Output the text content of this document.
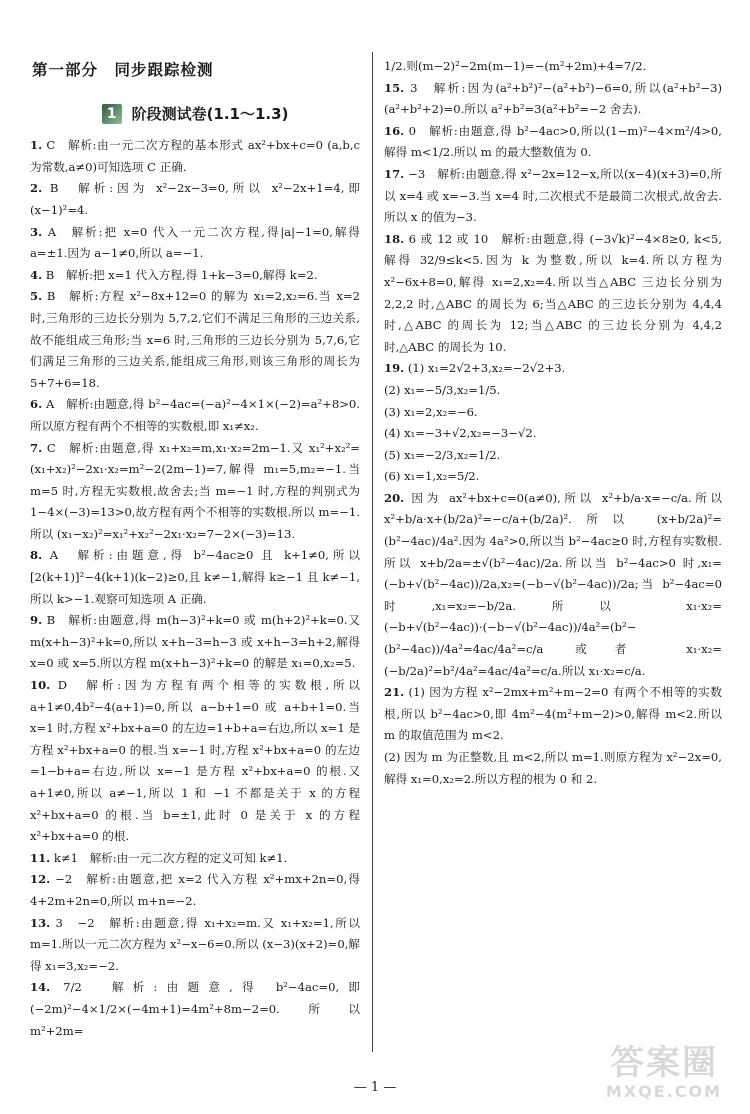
第一部分　同步跟踪检测
1	阶段测试卷(1.1～1.3)

1. C　解析:由一元二次方程的基本形式 ax²+bx+c=0 (a,b,c 为常数,a≠0)可知选项 C 正确.

2. B　解析:因为 x²−2x−3=0,所以 x²−2x+1=4,即 (x−1)²=4.

3. A　解析:把 x=0 代入一元二次方程,得|a|−1=0,解得 a=±1.因为 a−1≠0,所以 a=−1.

4. B　解析:把 x=1 代入方程,得 1+k−3=0,解得 k=2.

5. B　解析:方程 x²−8x+12=0 的解为 x₁=2,x₂=6.当 x=2 时,三角形的三边长分别为 5,7,2,它们不满足三角形的三边关系,故不能组成三角形;当 x=6 时,三角形的三边长分别为 5,7,6,它们满足三角形的三边关系,能组成三角形,则该三角形的周长为 5+7+6=18.

6. A　解析:由题意,得 b²−4ac=(−a)²−4×1×(−2)=a²+8>0.所以原方程有两个不相等的实数根,即 x₁≠x₂.

7. C　解析:由题意,得 x₁+x₂=m,x₁·x₂=2m−1.又 x₁²+x₂²=(x₁+x₂)²−2x₁·x₂=m²−2(2m−1)=7,解得 m₁=5,m₂=−1.当 m=5 时,方程无实数根,故舍去;当 m=−1 时,方程的判别式为 1−4×(−3)=13>0,故方程有两个不相等的实数根.所以 m=−1.所以 (x₁−x₂)²=x₁²+x₂²−2x₁·x₂=7−2×(−3)=13.

8. A　解析:由题意,得 b²−4ac≥0 且 k+1≠0,所以[2(k+1)]²−4(k+1)(k−2)≥0,且 k≠−1,解得 k≥−1 且 k≠−1,所以 k>−1.观察可知选项 A 正确.

9. B　解析:由题意,得 m(h−3)²+k=0 或 m(h+2)²+k=0.又 m(x+h−3)²+k=0,所以 x+h−3=h−3 或 x+h−3=h+2,解得 x=0 或 x=5.所以方程 m(x+h−3)²+k=0 的解是 x₁=0,x₂=5.

10. D　解析:因为方程有两个相等的实数根,所以 a+1≠0,4b²−4(a+1)=0,所以 a−b+1=0 或 a+b+1=0.当 x=1 时,方程 x²+bx+a=0 的左边=1+b+a=右边,所以 x=1 是方程 x²+bx+a=0 的根.当 x=−1 时,方程 x²+bx+a=0 的左边=1−b+a=右边,所以 x=−1 是方程 x²+bx+a=0 的根.又 a+1≠0,所以 a≠−1,所以 1 和 −1 不都是关于 x 的方程 x²+bx+a=0 的根.当 b=±1,此时 0 是关于 x 的方程 x²+bx+a=0 的根.

11. k≠1　解析:由一元二次方程的定义可知 k≠1.

12. −2　解析:由题意,把 x=2 代入方程 x²+mx+2n=0,得 4+2m+2n=0,所以 m+n=−2.

13. 3　−2　解析:由题意,得 x₁+x₂=m.又 x₁+x₂=1,所以 m=1.所以一元二次方程为 x²−x−6=0.所以 (x−3)(x+2)=0,解得 x₁=3,x₂=−2.

14. 7/2　解析:由题意,得 b²−4ac=0,即(−2m)²−4×1/2×(−4m+1)=4m²+8m−2=0.所以 m²+2m=

1/2.则(m−2)²−2m(m−1)=−(m²+2m)+4=7/2.

15. 3　解析:因为(a²+b²)²−(a²+b²)−6=0,所以(a²+b²−3)(a²+b²+2)=0.所以 a²+b²=3(a²+b²=−2 舍去).

16. 0　解析:由题意,得 b²−4ac>0,所以(1−m)²−4×m²/4>0,解得 m<1/2.所以 m 的最大整数值为 0.

17. −3　解析:由题意,得 x²−2x=12−x,所以(x−4)(x+3)=0,所以 x=4 或 x=−3.当 x=4 时,二次根式不是最简二次根式,故舍去.所以 x 的值为−3.

18. 6 或 12 或 10　解析:由题意,得 (−3√k)²−4×8≥0, k<5, 解得 32/9≤k<5.因为 k 为整数,所以 k=4.所以方程为 x²−6x+8=0,解得 x₁=2,x₂=4.所以当△ABC 三边长分别为 2,2,2 时,△ABC 的周长为 6;当△ABC 的三边长分别为 4,4,4 时,△ABC 的周长为 12;当△ABC 的三边长分别为 4,4,2 时,△ABC 的周长为 10.

19. (1) x₁=2√2+3,x₂=−2√2+3.

(2) x₁=−5/3,x₂=1/5.

(3) x₁=2,x₂=−6.

(4) x₁=−3+√2,x₂=−3−√2.

(5) x₁=−2/3,x₂=1/2.

(6) x₁=1,x₂=5/2.

20. 因为 ax²+bx+c=0(a≠0),所以 x²+b/a·x=−c/a.所以 x²+b/a·x+(b/2a)²=−c/a+(b/2a)².所以 (x+b/2a)²=(b²−4ac)/4a².因为 4a²>0,所以当 b²−4ac≥0 时,方程有实数根.所以 x+b/2a=±√(b²−4ac)/2a.所以当 b²−4ac>0 时,x₁=(−b+√(b²−4ac))/2a,x₂=(−b−√(b²−4ac))/2a;当 b²−4ac=0 时,x₁=x₂=−b/2a.所以 x₁·x₂=(−b+√(b²−4ac))·(−b−√(b²−4ac))/4a²=(b²−(b²−4ac))/4a²=4ac/4a²=c/a 或者 x₁·x₂=(−b/2a)²=b²/4a²=4ac/4a²=c/a.所以 x₁·x₂=c/a.

21. (1) 因为方程 x²−2mx+m²+m−2=0 有两个不相等的实数根,所以 b²−4ac>0,即 4m²−4(m²+m−2)>0,解得 m<2.所以 m 的取值范围为 m<2.

(2) 因为 m 为正整数,且 m<2,所以 m=1.则原方程为 x²−2x=0,解得 x₁=0,x₂=2.所以方程的根为 0 和 2.

— 1 —
答案圈
MXQE.COM
